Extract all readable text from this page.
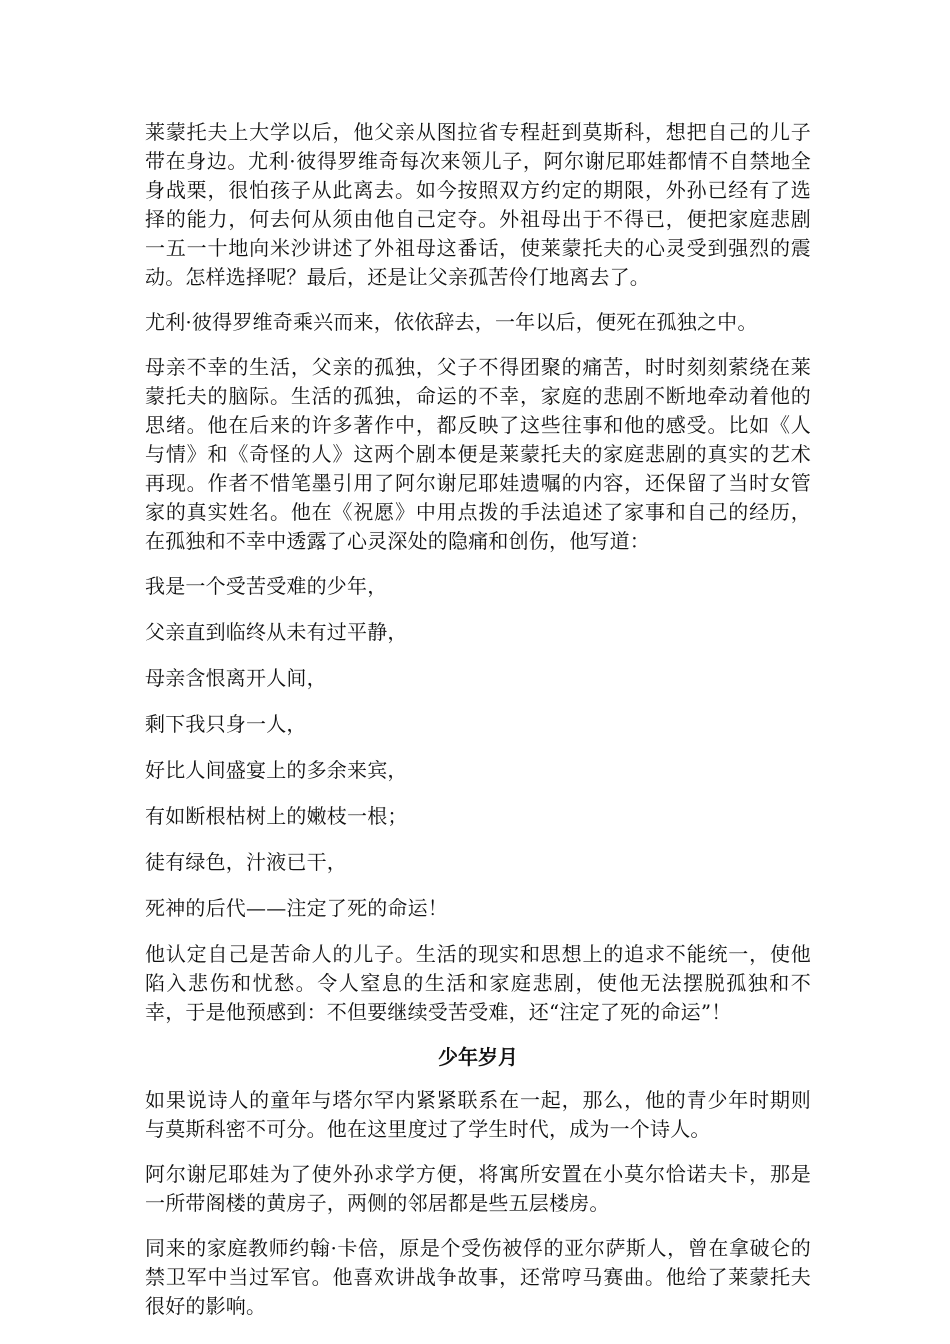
莱蒙托夫上大学以后，他父亲从图拉省专程赶到莫斯科，想把自己的儿子带在身边。尤利·彼得罗维奇每次来领儿子，阿尔谢尼耶娃都情不自禁地全身战栗，很怕孩子从此离去。如今按照双方约定的期限，外孙已经有了选择的能力，何去何从须由他自己定夺。外祖母出于不得已，便把家庭悲剧一五一十地向米沙讲述了外祖母这番话，使莱蒙托夫的心灵受到强烈的震动。怎样选择呢？最后，还是让父亲孤苦伶仃地离去了。

尤利·彼得罗维奇乘兴而来，依依辞去，一年以后，便死在孤独之中。

母亲不幸的生活，父亲的孤独，父子不得团聚的痛苦，时时刻刻萦绕在莱蒙托夫的脑际。生活的孤独，命运的不幸，家庭的悲剧不断地牵动着他的思绪。他在后来的许多著作中，都反映了这些往事和他的感受。比如《人与情》和《奇怪的人》这两个剧本便是莱蒙托夫的家庭悲剧的真实的艺术再现。作者不惜笔墨引用了阿尔谢尼耶娃遗嘱的内容，还保留了当时女管家的真实姓名。他在《祝愿》中用点拨的手法追述了家事和自己的经历，在孤独和不幸中透露了心灵深处的隐痛和创伤，他写道：

我是一个受苦受难的少年，

父亲直到临终从未有过平静，

母亲含恨离开人间，

剩下我只身一人，

好比人间盛宴上的多余来宾，

有如断根枯树上的嫩枝一根；

徒有绿色，汁液已干，

死神的后代——注定了死的命运！

他认定自己是苦命人的儿子。生活的现实和思想上的追求不能统一，使他陷入悲伤和忧愁。令人窒息的生活和家庭悲剧，使他无法摆脱孤独和不幸，于是他预感到：不但要继续受苦受难，还“注定了死的命运”！

少年岁月

如果说诗人的童年与塔尔罕内紧紧联系在一起，那么，他的青少年时期则与莫斯科密不可分。他在这里度过了学生时代，成为一个诗人。

阿尔谢尼耶娃为了使外孙求学方便，将寓所安置在小莫尔恰诺夫卡，那是一所带阁楼的黄房子，两侧的邻居都是些五层楼房。

同来的家庭教师约翰·卡倍，原是个受伤被俘的亚尔萨斯人，曾在拿破仑的禁卫军中当过军官。他喜欢讲战争故事，还常哼马赛曲。他给了莱蒙托夫很好的影响。
